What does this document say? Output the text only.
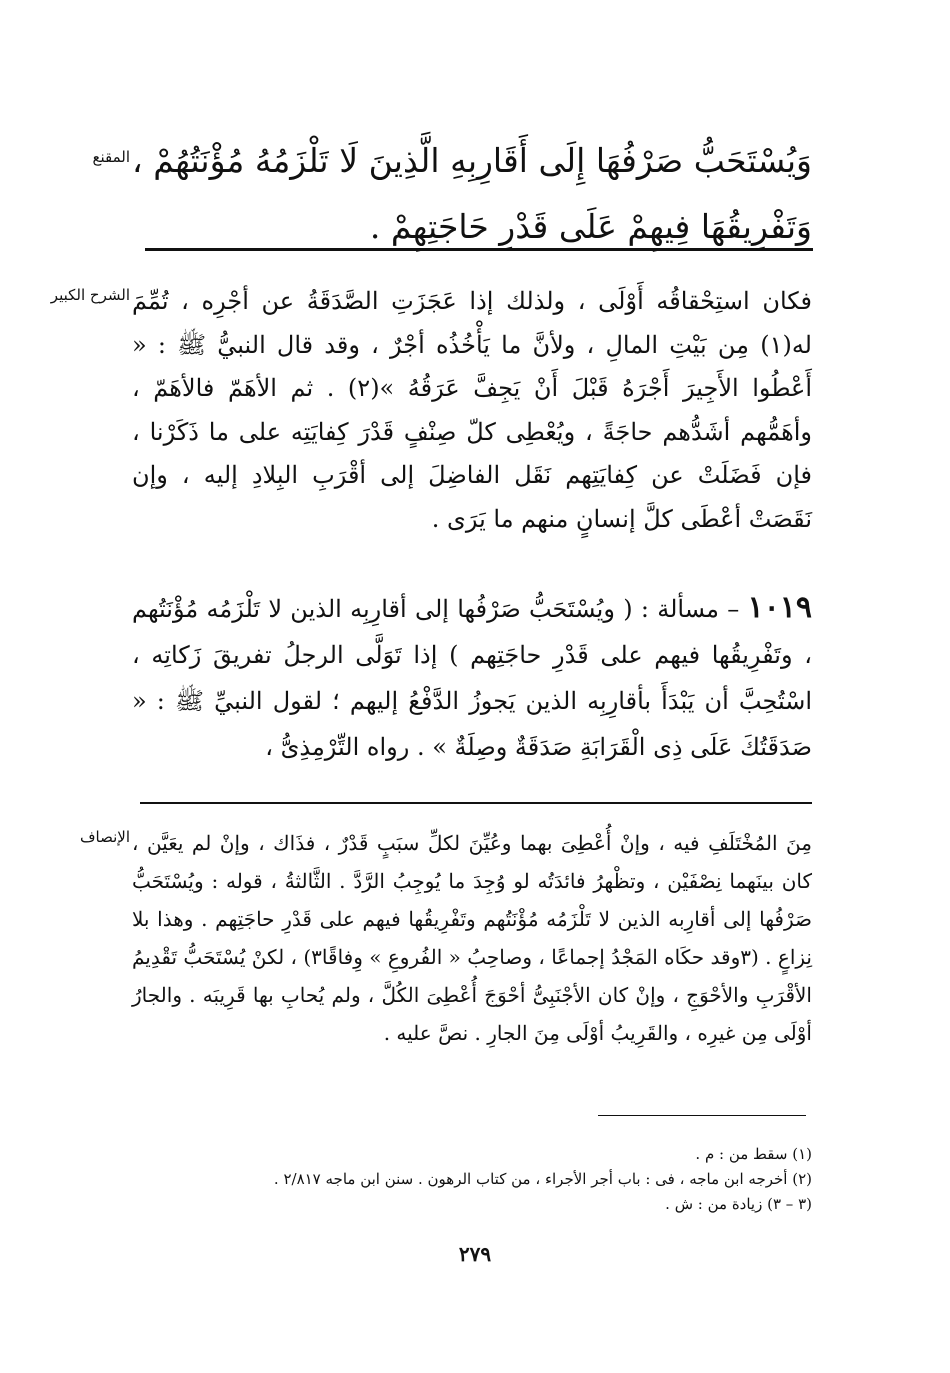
المقنع وَيُسْتَحَبُّ صَرْفُهَا إِلَى أَقَارِبِهِ الَّذِينَ لَا تَلْزَمُهُ مُؤْنَتُهُمْ ، وَتَفْرِيقُهَا فِيهِمْ عَلَى قَدْرِ حَاجَتِهِمْ .
الشرح الكبير فكان استِحْقاقُه أَوْلَى ، ولذلك إذا عَجَزَتِ الصَّدَقَةُ عن أجْرِه ، تُمِّمَ له(١) مِن بَيْتِ المالِ ، ولأنَّ ما يَأْخُذُه أجْرٌ ، وقد قال النبيُّ ﷺ : « أَعْطُوا الأَجِيرَ أَجْرَهُ قَبْلَ أَنْ يَجِفَّ عَرَقُهُ »(٢) . ثم الأهَمّ فالأهَمّ ، وأهَمُّهم أشَدُّهم حاجَةً ، ويُعْطِى كلّ صِنْفٍ قَدْرَ كِفايَتِه على ما ذَكَرْنا ، فإن فَضَلَتْ عن كِفايَتِهم نَقَل الفاضِلَ إلى أقْرَبِ البِلادِ إليه ، وإن نَقَصَتْ أعْطَى كلَّ إنسانٍ منهم ما يَرَى .
١٠١٩ – مسألة : ( ويُسْتَحَبُّ صَرْفُها إلى أقارِبِه الذين لا تَلْزَمُه مُؤْنَتُهم ، وتَفْرِيقُها فيهم على قَدْرِ حاجَتِهم ) إذا تَوَلَّى الرجلُ تفريقَ زَكاتِه ، اسْتُحِبَّ أن يَبْدَأَ بأقارِبِه الذين يَجوزُ الدَّفْعُ إليهم ؛ لقول النبيِّ ﷺ : « صَدَقَتُكَ عَلَى ذِى الْقَرَابَةِ صَدَقَةٌ وصِلَةٌ » . رواه التِّرْمِذِىُّ ،
الإنصاف مِنَ المُخْتَلَفِ فيه ، وإنْ أُعْطِىَ بهما وعُيِّنَ لكلِّ سبَبٍ قَدْرٌ ، فذَاك ، وإنْ لم يعَيَّن ، كان بينَهما نِصْفَيْن ، وتظْهرُ فائدَتُه لو وُجِدَ ما يُوجِبُ الرَّدَّ . الثَّالثةُ ، قوله : ويُسْتَحَبُّ صَرْفُها إلى أقارِبه الذين لا تَلْزَمُه مُؤْنَتُهم وتَفْرِيقُها فيهم على قَدْرِ حاجَتِهم . وهذا بلا نِزاعٍ . (٣وقد حكَاه المَجْدُ إجماعًا ، وصاحِبُ « الفُروعِ » وِفاقًا٣) ، لكنْ يُسْتَحَبُّ تَقْدِيمُ الأقْرَبِ والأحْوَجِ ، وإنْ كان الأجْنَبِىُّ أحْوَجَ أُعْطِىَ الكُلَّ ، ولم يُحابِ بها قَرِيبَه . والجارُ أوْلَى مِن غيرِه ، والقَرِيبُ أوْلَى مِنَ الجارِ . نصَّ عليه .
(١) سقط من : م .
(٢) أخرجه ابن ماجه ، فى : باب أجر الأجراء ، من كتاب الرهون . سنن ابن ماجه ٢/٨١٧ .
(٣ – ٣) زيادة من : ش .
٢٧٩
